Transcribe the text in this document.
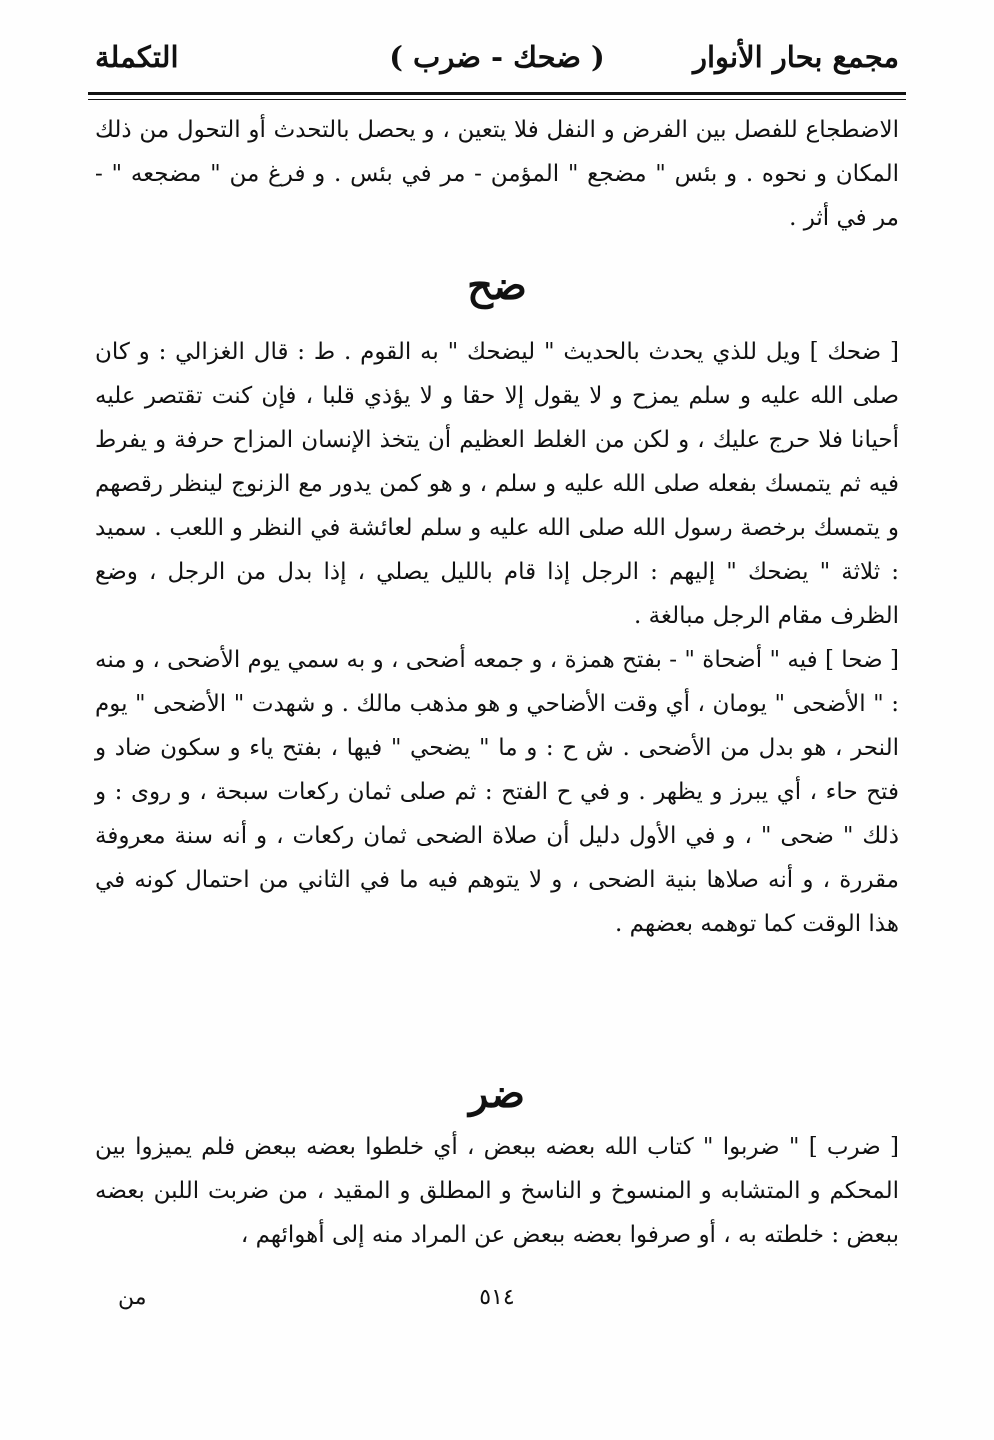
مجمع بحار الأنوار
( ضحك - ضرب )
التكملة

الاضطجاع للفصل بين الفرض و النفل فلا يتعين ، و يحصل بالتحدث أو التحول من ذلك المكان و نحوه . و بئس " مضجع " المؤمن - مر في بئس . و فرغ من " مضجعه " - مر في أثر .

ضح

[ ضحك ] ويل للذي يحدث بالحديث " ليضحك " به القوم . ط : قال الغزالي : و كان صلى الله عليه و سلم يمزح و لا يقول إلا حقا و لا يؤذي قلبا ، فإن كنت تقتصر عليه أحيانا فلا حرج عليك ، و لكن من الغلط العظيم أن يتخذ الإنسان المزاح حرفة و يفرط فيه ثم يتمسك بفعله صلى الله عليه و سلم ، و هو كمن يدور مع الزنوج لينظر رقصهم و يتمسك برخصة رسول الله صلى الله عليه و سلم لعائشة في النظر و اللعب . سميد : ثلاثة " يضحك " إليهم : الرجل إذا قام بالليل يصلي ، إذا بدل من الرجل ، وضع الظرف مقام الرجل مبالغة .

[ ضحا ] فيه " أضحاة " - بفتح همزة ، و جمعه أضحى ، و به سمي يوم الأضحى ، و منه : " الأضحى " يومان ، أي وقت الأضاحي و هو مذهب مالك . و شهدت " الأضحى " يوم النحر ، هو بدل من الأضحى . ش ح : و ما " يضحي " فيها ، بفتح ياء و سكون ضاد و فتح حاء ، أي يبرز و يظهر . و في ح الفتح : ثم صلى ثمان ركعات سبحة ، و روى : و ذلك " ضحى " ، و في الأول دليل أن صلاة الضحى ثمان ركعات ، و أنه سنة معروفة مقررة ، و أنه صلاها بنية الضحى ، و لا يتوهم فيه ما في الثاني من احتمال كونه في هذا الوقت كما توهمه بعضهم .

ضر

[ ضرب ] " ضربوا " كتاب الله بعضه ببعض ، أي خلطوا بعضه ببعض فلم يميزوا بين المحكم و المتشابه و المنسوخ و الناسخ و المطلق و المقيد ، من ضربت اللبن بعضه ببعض : خلطته به ، أو صرفوا بعضه ببعض عن المراد منه إلى أهوائهم ،

٥١٤
من
